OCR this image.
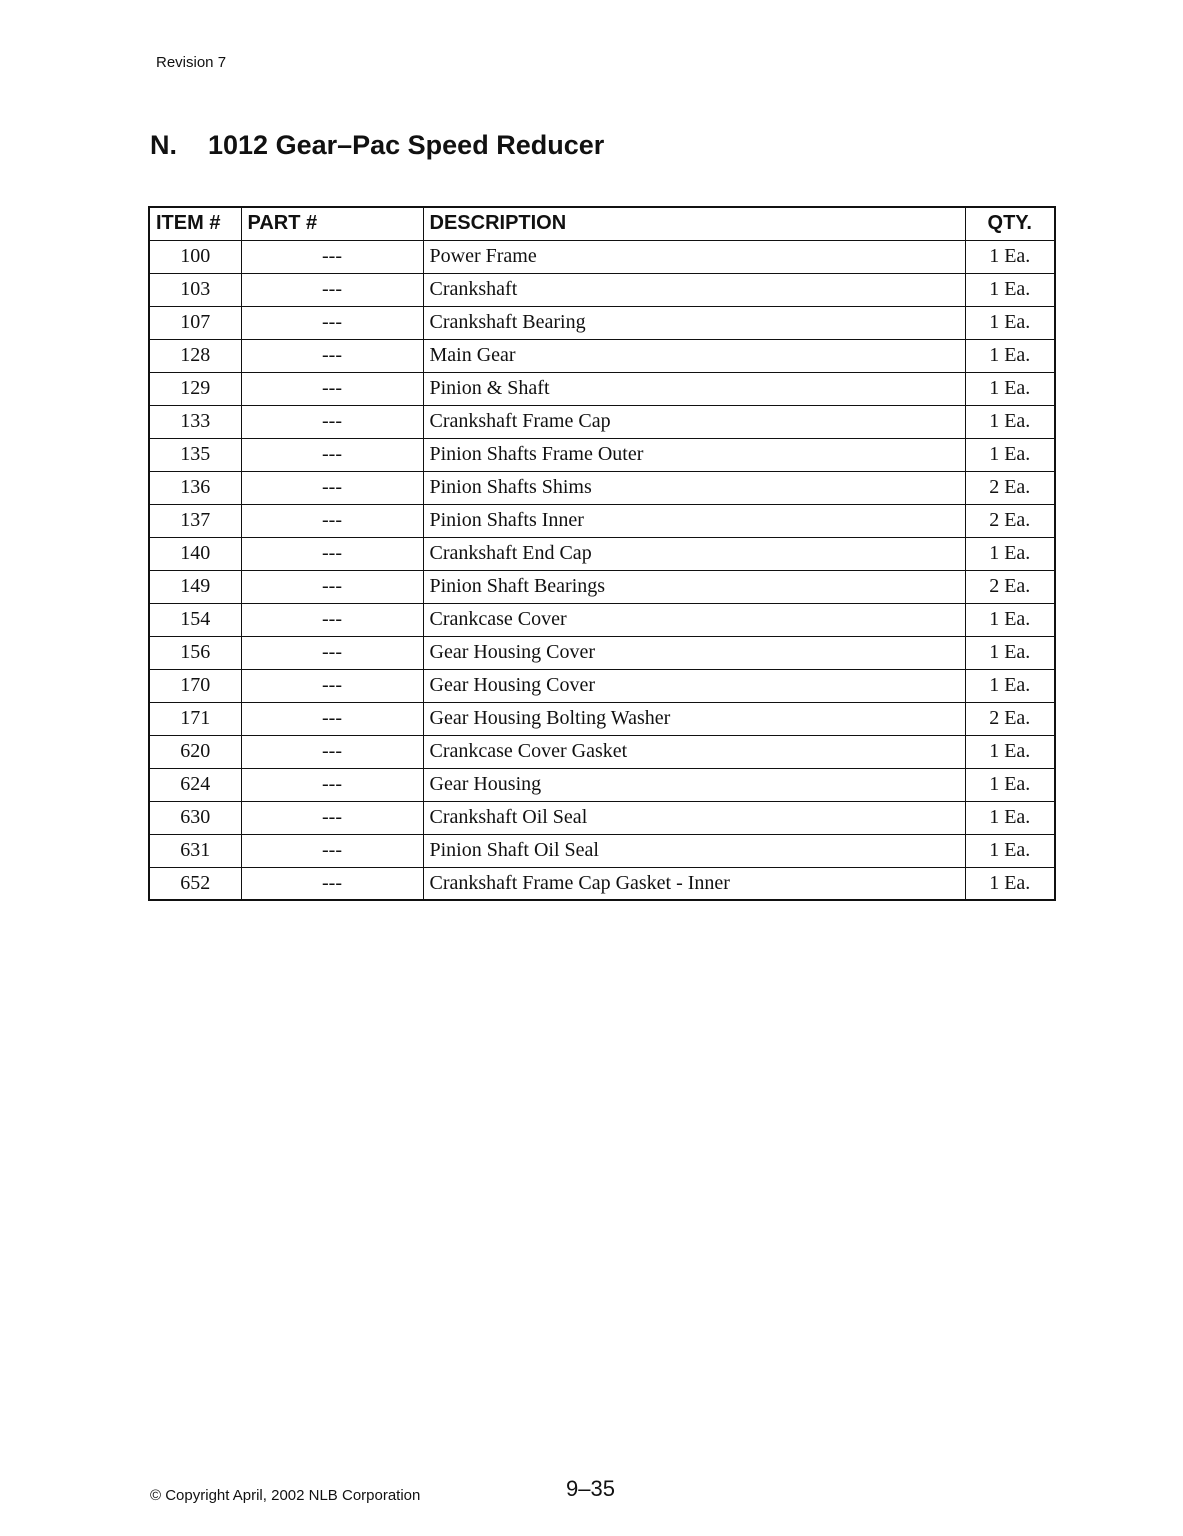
Revision 7
N. 1012 Gear–Pac Speed Reducer
ITEM #	PART #	DESCRIPTION	QTY.
100	---	Power Frame	1 Ea.
103	---	Crankshaft	1 Ea.
107	---	Crankshaft Bearing	1 Ea.
128	---	Main Gear	1 Ea.
129	---	Pinion & Shaft	1 Ea.
133	---	Crankshaft Frame Cap	1 Ea.
135	---	Pinion Shafts Frame Outer	1 Ea.
136	---	Pinion Shafts Shims	2 Ea.
137	---	Pinion Shafts Inner	2 Ea.
140	---	Crankshaft End Cap	1 Ea.
149	---	Pinion Shaft Bearings	2 Ea.
154	---	Crankcase Cover	1 Ea.
156	---	Gear Housing Cover	1 Ea.
170	---	Gear Housing Cover	1 Ea.
171	---	Gear Housing Bolting Washer	2 Ea.
620	---	Crankcase Cover Gasket	1 Ea.
624	---	Gear Housing	1 Ea.
630	---	Crankshaft Oil Seal	1 Ea.
631	---	Pinion Shaft Oil Seal	1 Ea.
652	---	Crankshaft Frame Cap Gasket - Inner	1 Ea.
© Copyright April, 2002 NLB Corporation	9–35
